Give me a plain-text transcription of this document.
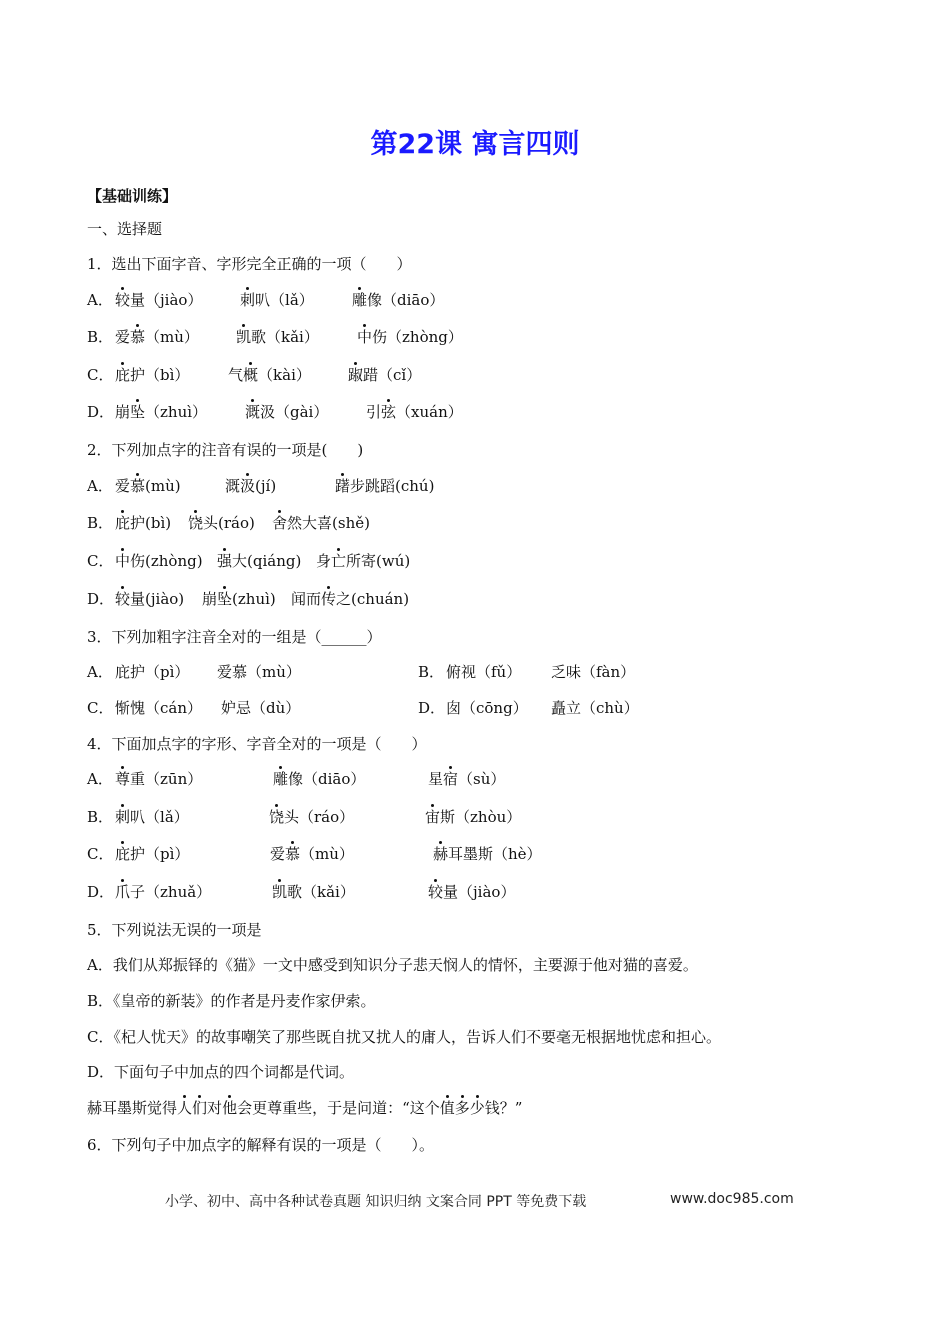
第22课 寓言四则
【基础训练】
一、选择题
1．选出下面字音、字形完全正确的一项（　　）
A． 较量（jiào）	刺叭（lǎ）	雕像（diāo）
B． 爱慕（mù） 凯歌（kǎi）	中伤（zhòng）
C． 庇护（bì）	气概（kài） 踧踖（cǐ）
D． 崩坠（zhuì）	溉汲（gài）	引弦（xuán）
2．下列加点字的注音有误的一项是(　　)
A． 爱慕(mù)	溉汲(jí)	躇步跳蹈(chú)
B． 庇护(bì) 饶头(ráo) 舍然大喜(shě)
C． 中伤(zhòng) 强大(qiáng) 身亡所寄(wú)
D． 较量(jiào) 崩坠(zhuì) 闻而传之(chuán)
3．下列加粗字注音全对的一组是（______）
A． 庇护（pì） 爱慕（mù）	B． 俯视（fǔ） 乏味（fàn）
C． 惭愧（cán） 妒忌（dù）	D． 囱（cōng） 矗立（chù）
4．下面加点字的字形、字音全对的一项是（　　）
A． 尊重（zūn）	雕像（diāo）	星宿（sù）
B． 刺叭（lǎ）	饶头（ráo）	宙斯（zhòu）
C． 庇护（pì）	爱慕（mù）	赫耳墨斯（hè）
D． 爪子（zhuǎ）	凯歌（kǎi）	较量（jiào）
5．下列说法无误的一项是
A．我们从郑振铎的《猫》一文中感受到知识分子悲天悯人的情怀，主要源于他对猫的喜爱。
B．《皇帝的新装》的作者是丹麦作家伊索。
C．《杞人忧天》的故事嘲笑了那些既自扰又扰人的庸人，告诉人们不要毫无根据地忧虑和担心。
D．下面句子中加点的四个词都是代词。
赫耳墨斯觉得人们对他会更尊重些，于是问道：“这个值多少钱？”
6．下列句子中加点字的解释有误的一项是（　　）。
小学、初中、高中各种试卷真题 知识归纳 文案合同 PPT 等免费下载	www.doc985.com
